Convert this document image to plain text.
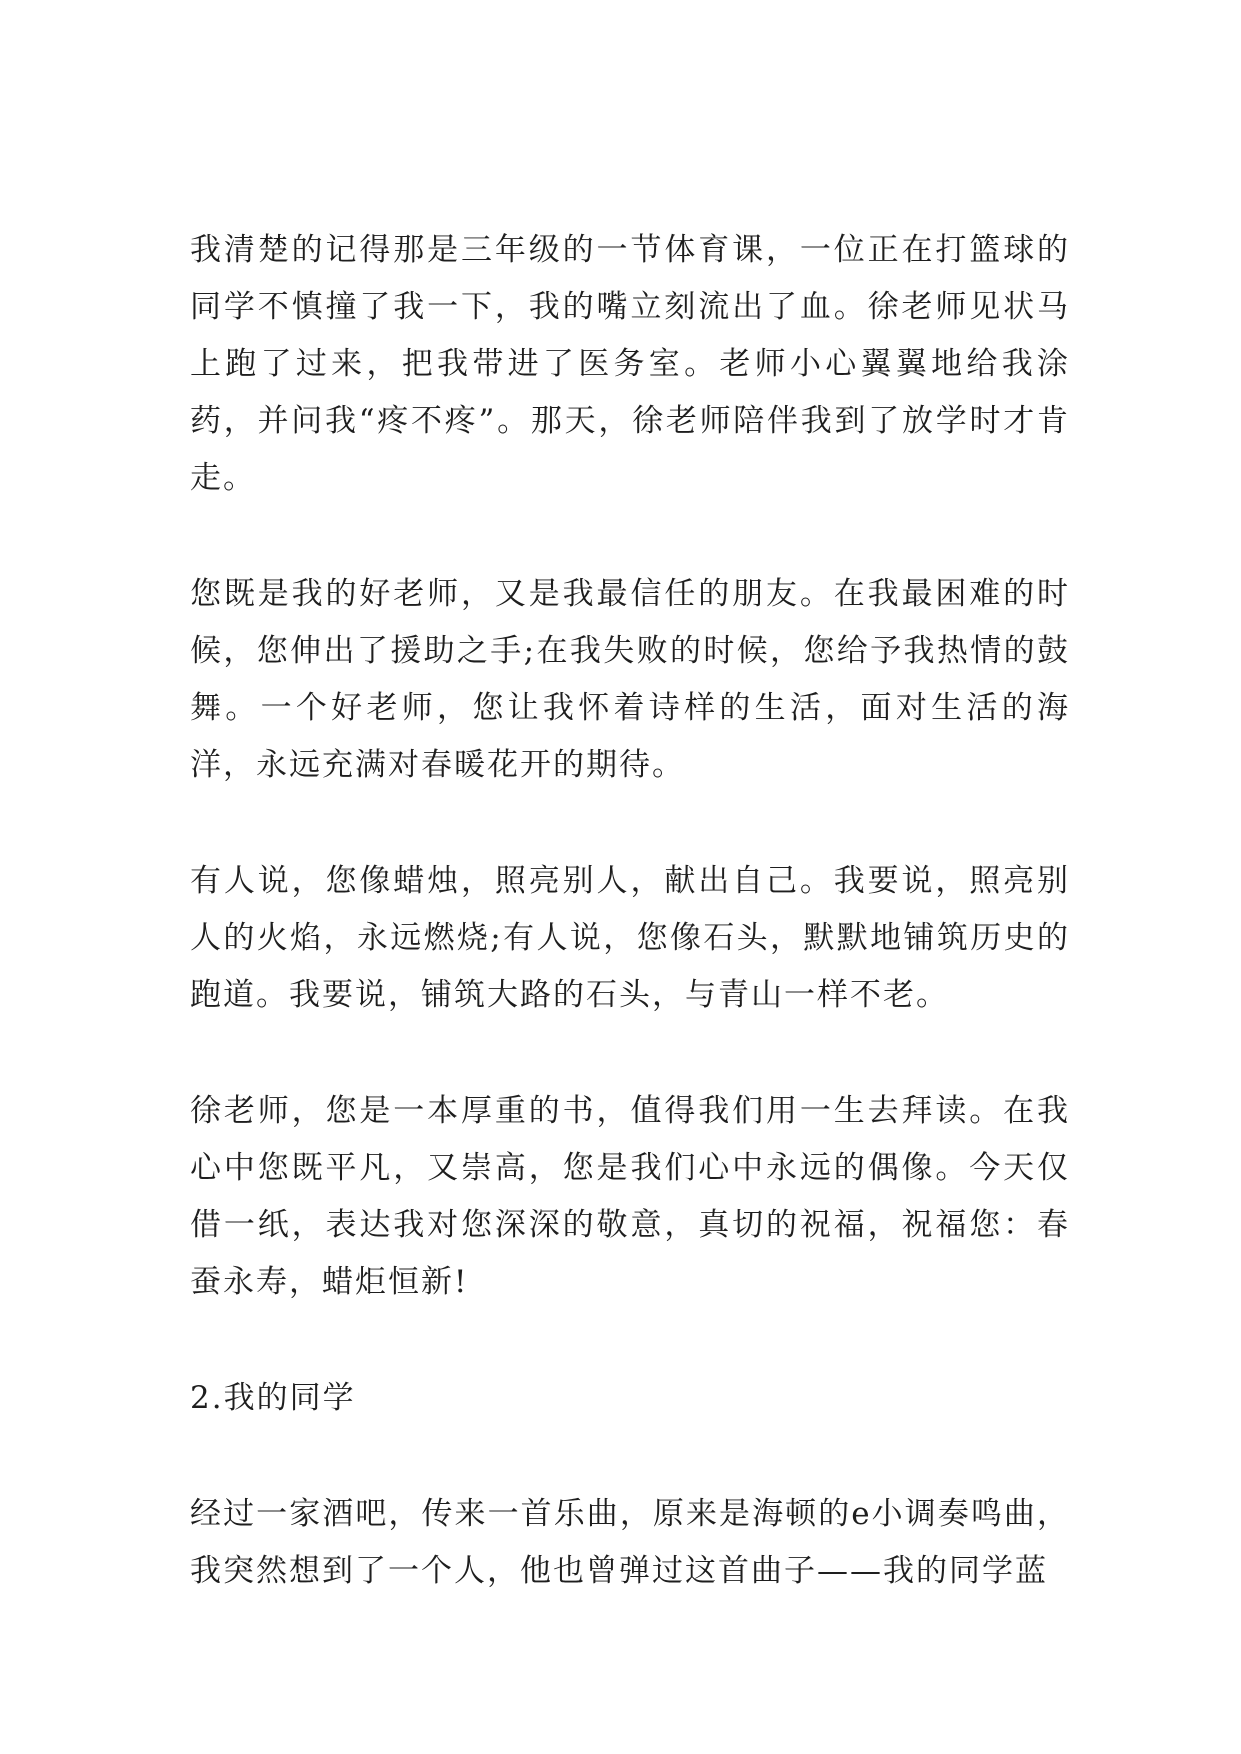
我清楚的记得那是三年级的一节体育课，一位正在打篮球的同学不慎撞了我一下，我的嘴立刻流出了血。徐老师见状马上跑了过来，把我带进了医务室。老师小心翼翼地给我涂药，并问我“疼不疼”。那天，徐老师陪伴我到了放学时才肯走。

您既是我的好老师，又是我最信任的朋友。在我最困难的时候，您伸出了援助之手;在我失败的时候，您给予我热情的鼓舞。一个好老师，您让我怀着诗样的生活，面对生活的海洋，永远充满对春暖花开的期待。

有人说，您像蜡烛，照亮别人，献出自己。我要说，照亮别人的火焰，永远燃烧;有人说，您像石头，默默地铺筑历史的跑道。我要说，铺筑大路的石头，与青山一样不老。

徐老师，您是一本厚重的书，值得我们用一生去拜读。在我心中您既平凡，又崇高，您是我们心中永远的偶像。今天仅借一纸，表达我对您深深的敬意，真切的祝福，祝福您：春蚕永寿，蜡炬恒新!

2.我的同学

经过一家酒吧，传来一首乐曲，原来是海顿的e小调奏鸣曲，我突然想到了一个人，他也曾弹过这首曲子——我的同学蓝
